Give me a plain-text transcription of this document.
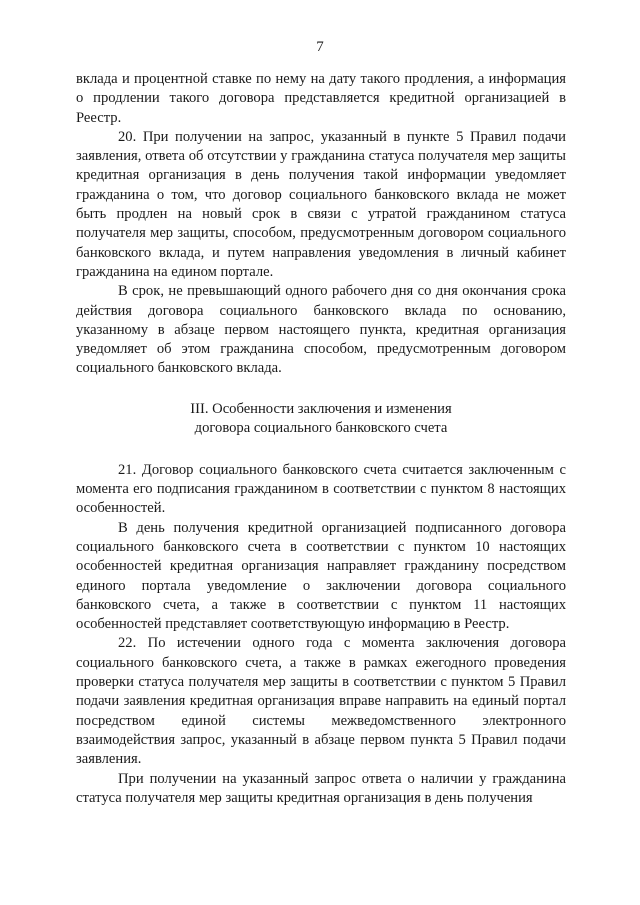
7

вклада и процентной ставке по нему на дату такого продления, а информация о продлении такого договора представляется кредитной организацией в Реестр.

20. При получении на запрос, указанный в пункте 5 Правил подачи заявления, ответа об отсутствии у гражданина статуса получателя мер защиты кредитная организация в день получения такой информации уведомляет гражданина о том, что договор социального банковского вклада не может быть продлен на новый срок в связи с утратой гражданином статуса получателя мер защиты, способом, предусмотренным договором социального банковского вклада, и путем направления уведомления в личный кабинет гражданина на едином портале.

В срок, не превышающий одного рабочего дня со дня окончания срока действия договора социального банковского вклада по основанию, указанному в абзаце первом настоящего пункта, кредитная организация уведомляет об этом гражданина способом, предусмотренным договором социального банковского вклада.

III. Особенности заключения и изменения
договора социального банковского счета

21. Договор социального банковского счета считается заключенным с момента его подписания гражданином в соответствии с пунктом 8 настоящих особенностей.

В день получения кредитной организацией подписанного договора социального банковского счета в соответствии с пунктом 10 настоящих особенностей кредитная организация направляет гражданину посредством единого портала уведомление о заключении договора социального банковского счета, а также в соответствии с пунктом 11 настоящих особенностей представляет соответствующую информацию в Реестр.

22. По истечении одного года с момента заключения договора социального банковского счета, а также в рамках ежегодного проведения проверки статуса получателя мер защиты в соответствии с пунктом 5 Правил подачи заявления кредитная организация вправе направить на единый портал посредством единой системы межведомственного электронного взаимодействия запрос, указанный в абзаце первом пункта 5 Правил подачи заявления.

При получении на указанный запрос ответа о наличии у гражданина статуса получателя мер защиты кредитная организация в день получения
